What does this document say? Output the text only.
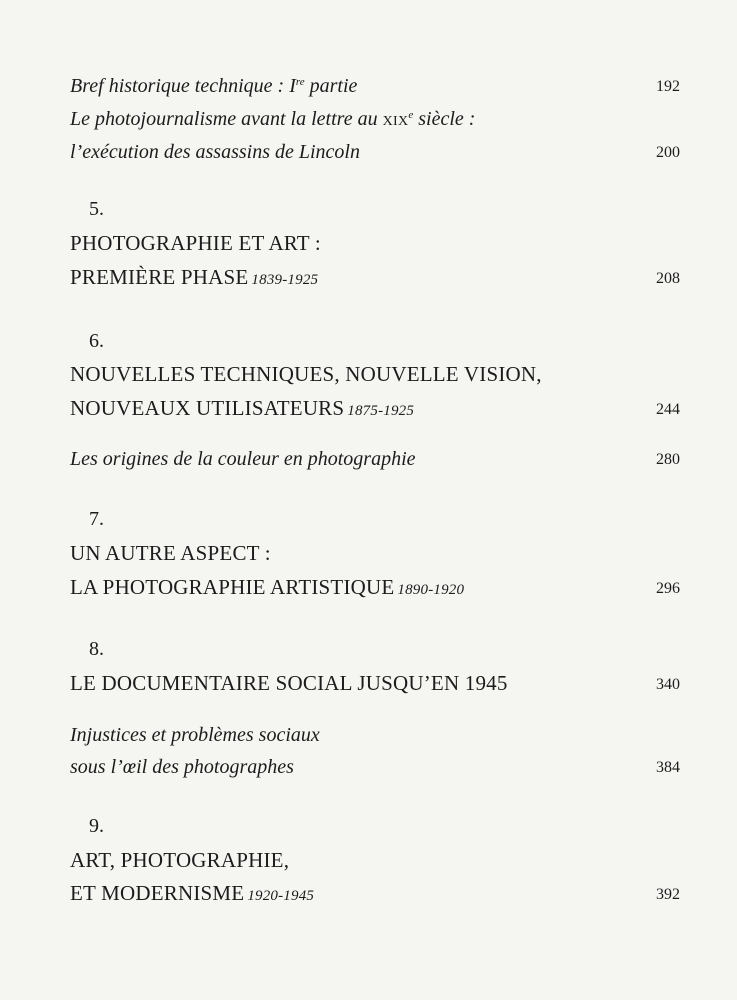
Bref historique technique : Ire partie	192
Le photojournalisme avant la lettre au XIXe siècle :
l’exécution des assassins de Lincoln	200
5.
PHOTOGRAPHIE ET ART :
PREMIÈRE PHASE 1839-1925	208
6.
NOUVELLES TECHNIQUES, NOUVELLE VISION,
NOUVEAUX UTILISATEURS 1875-1925	244
Les origines de la couleur en photographie	280
7.
UN AUTRE ASPECT :
LA PHOTOGRAPHIE ARTISTIQUE 1890-1920	296
8.
LE DOCUMENTAIRE SOCIAL JUSQU’EN 1945	340
Injustices et problèmes sociaux
sous l’œil des photographes	384
9.
ART, PHOTOGRAPHIE,
ET MODERNISME 1920-1945	392
